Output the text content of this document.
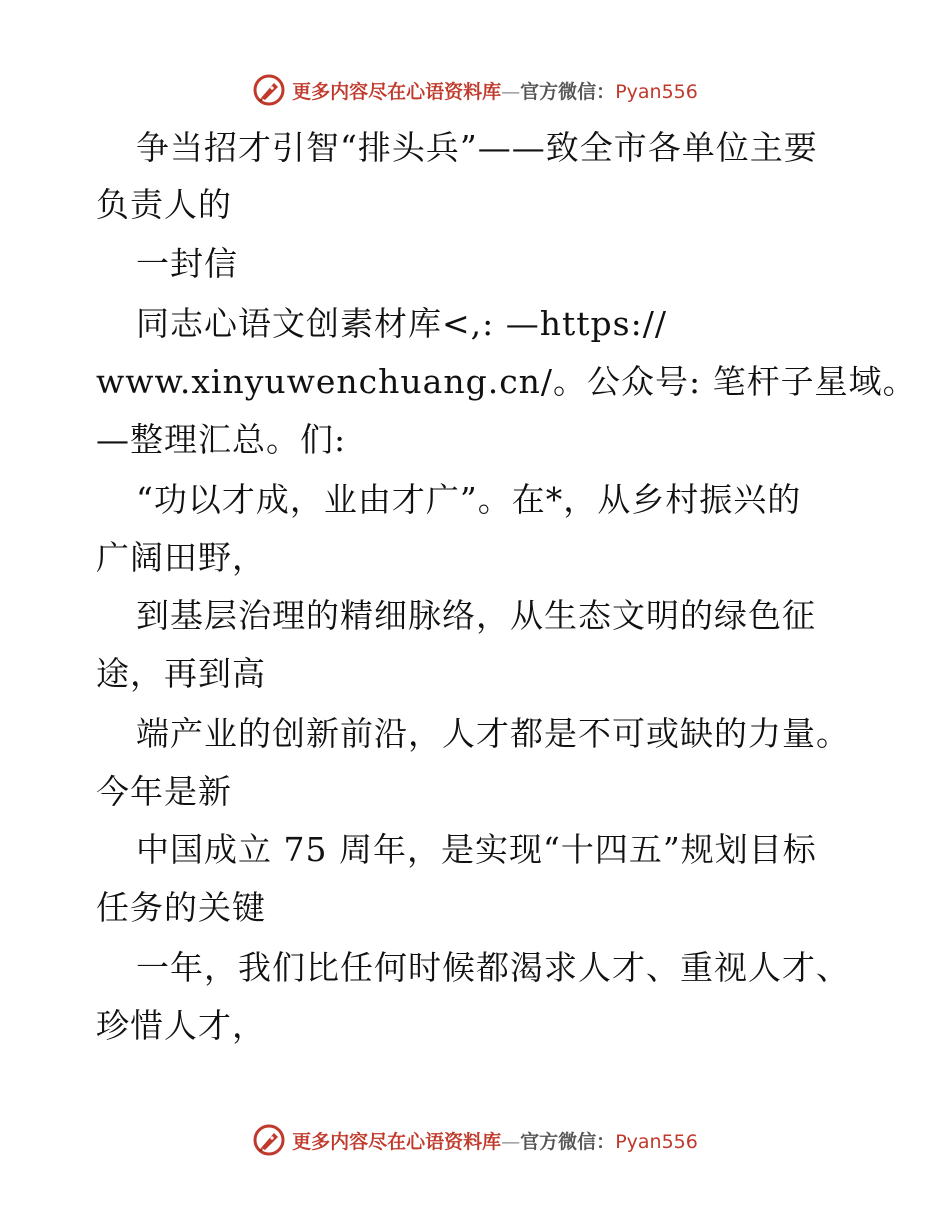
更多内容尽在心语资料库—官方微信：Pyan556
争当招才引智“排头兵”——致全市各单位主要
负责人的
一封信
同志心语文创素材库<,: —https://
www.xinyuwenchuang.cn/。公众号: 笔杆子星域。
—整理汇总。们:
“功以才成，业由才广”。在*，从乡村振兴的
广阔田野，
到基层治理的精细脉络，从生态文明的绿色征
途，再到高
端产业的创新前沿，人才都是不可或缺的力量。
今年是新
中国成立 75 周年，是实现“十四五”规划目标
任务的关键
一年，我们比任何时候都渴求人才、重视人才、
珍惜人才，
更多内容尽在心语资料库—官方微信：Pyan556
